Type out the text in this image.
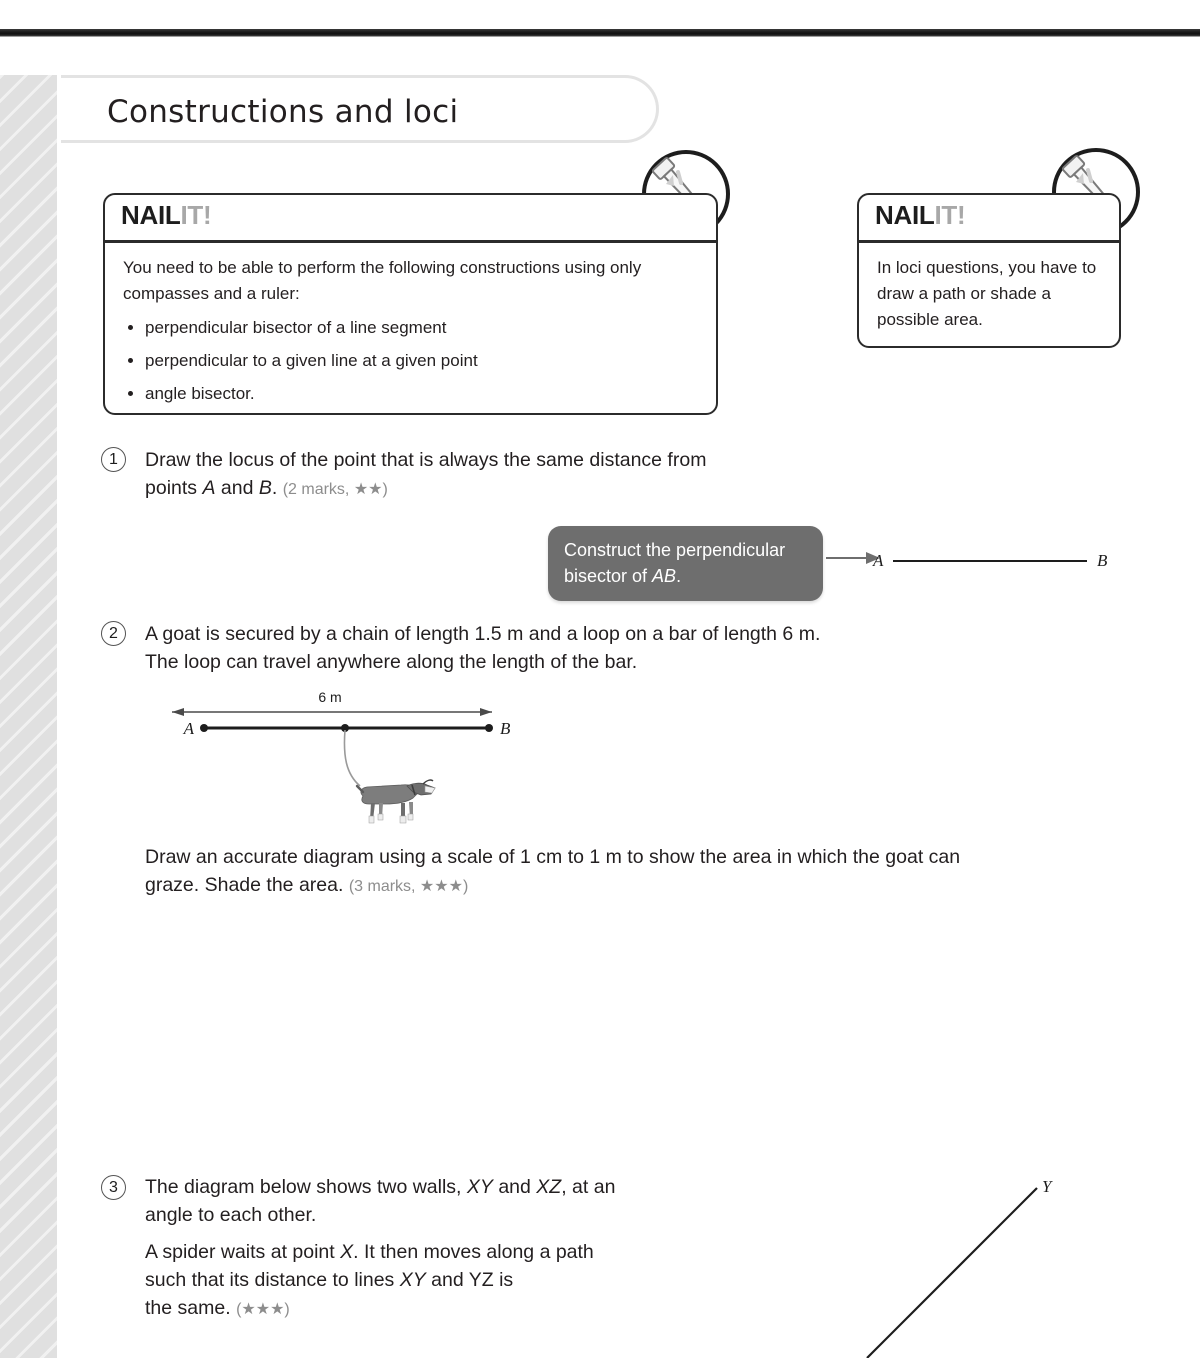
Constructions and loci
NAILIT!
You need to be able to perform the following constructions using only compasses and a ruler:
• perpendicular bisector of a line segment
• perpendicular to a given line at a given point
• angle bisector.
NAILIT!
In loci questions, you have to draw a path or shade a possible area.
1	Draw the locus of the point that is always the same distance from
points A and B. (2 marks, ★★)
Construct the perpendicular
bisector of AB.
A	B
2	A goat is secured by a chain of length 1.5 m and a loop on a bar of length 6 m.
The loop can travel anywhere along the length of the bar.
6 m
A	B
Draw an accurate diagram using a scale of 1 cm to 1 m to show the area in which the goat can
graze. Shade the area. (3 marks, ★★★)
3	The diagram below shows two walls, XY and XZ, at an
angle to each other.
A spider waits at point X. It then moves along a path
such that its distance to lines XY and YZ is
the same. (★★★)
Y
